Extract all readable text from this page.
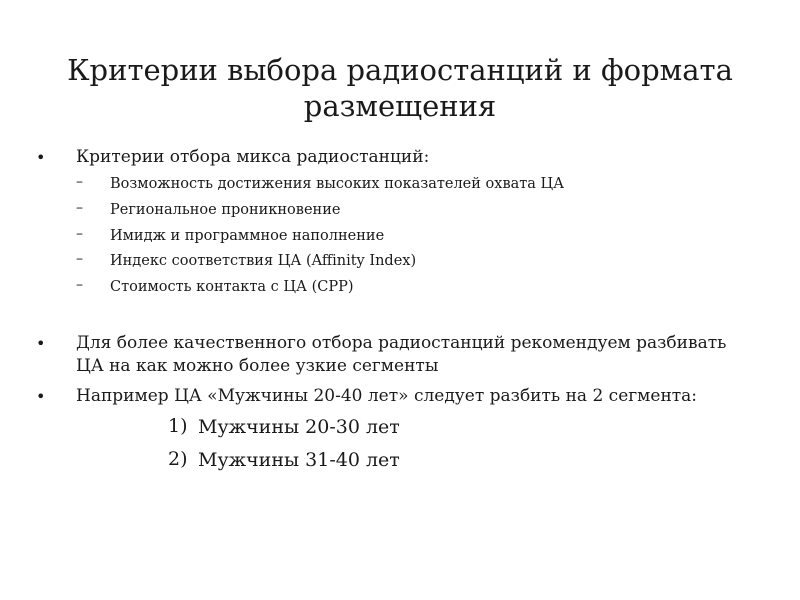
Критерии выбора радиостанций и формата размещения
• Критерии отбора микса радиостанций:
– Возможность достижения высоких показателей охвата ЦА
– Региональное проникновение
– Имидж и программное наполнение
– Индекс соответствия ЦА (Affinity Index)
– Стоимость контакта с ЦА (CPP)
• Для более качественного отбора радиостанций рекомендуем разбивать ЦА на как можно более узкие сегменты
• Например ЦА «Мужчины 20-40 лет» следует разбить на 2 сегмента:
1) Мужчины 20-30 лет
2) Мужчины 31-40 лет
